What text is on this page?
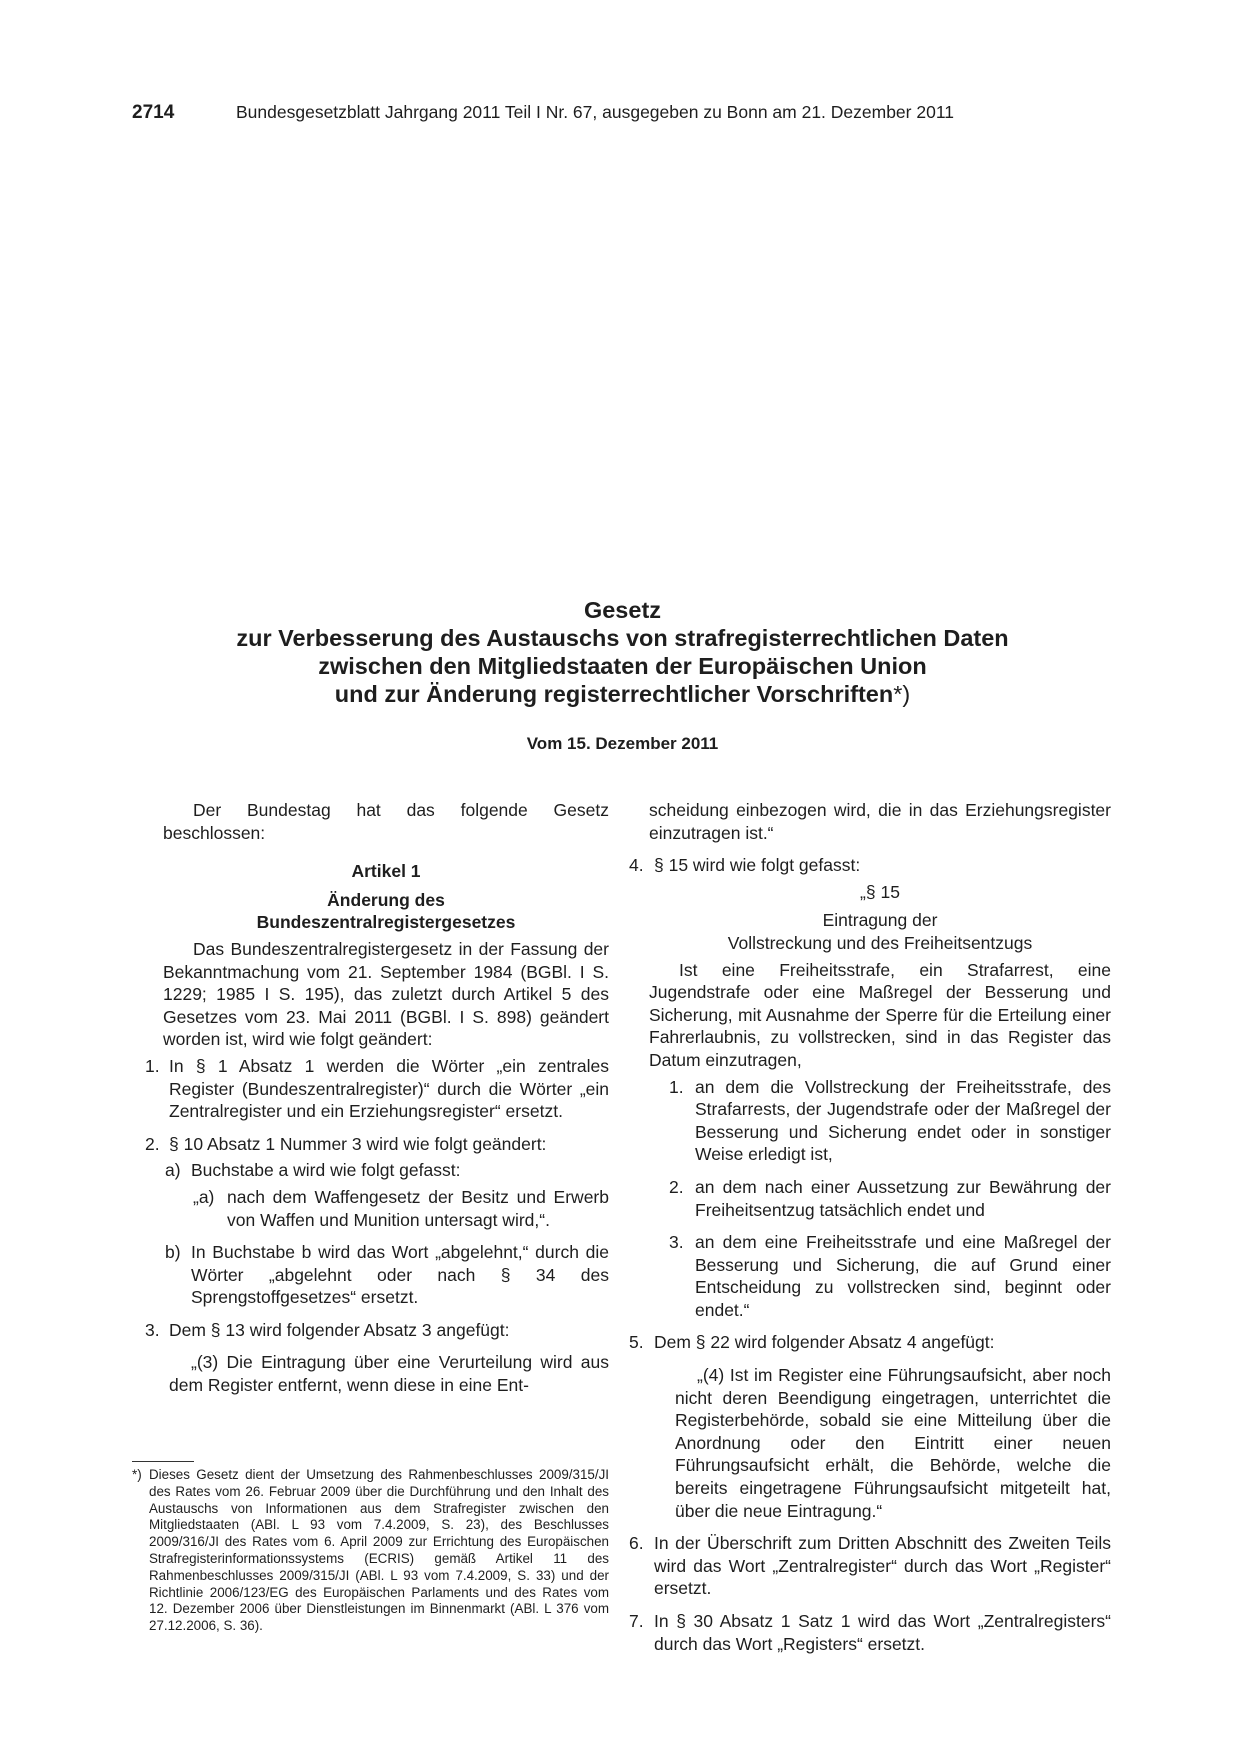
2714	Bundesgesetzblatt Jahrgang 2011 Teil I Nr. 67, ausgegeben zu Bonn am 21. Dezember 2011

Gesetz

zur Verbesserung des Austauschs von strafregisterrechtlichen Daten

zwischen den Mitgliedstaaten der Europäischen Union

und zur Änderung registerrechtlicher Vorschriften*)

Vom 15. Dezember 2011

Der Bundestag hat das folgende Gesetz beschlossen:

Artikel 1

Änderung des

Bundeszentralregistergesetzes

Das Bundeszentralregistergesetz in der Fassung der Bekanntmachung vom 21. September 1984 (BGBl. I S. 1229; 1985 I S. 195), das zuletzt durch Artikel 5 des Gesetzes vom 23. Mai 2011 (BGBl. I S. 898) geändert worden ist, wird wie folgt geändert:

1. In § 1 Absatz 1 werden die Wörter „ein zentrales Register (Bundeszentralregister)“ durch die Wörter „ein Zentralregister und ein Erziehungsregister“ ersetzt.
2. § 10 Absatz 1 Nummer 3 wird wie folgt geändert:
a) Buchstabe a wird wie folgt gefasst:
„a) nach dem Waffengesetz der Besitz und Erwerb von Waffen und Munition untersagt wird,“.
b) In Buchstabe b wird das Wort „abgelehnt,“ durch die Wörter „abgelehnt oder nach § 34 des Sprengstoffgesetzes“ ersetzt.
3. Dem § 13 wird folgender Absatz 3 angefügt:

„(3) Die Eintragung über eine Verurteilung wird aus dem Register entfernt, wenn diese in eine Ent-

scheidung einbezogen wird, die in das Erziehungsregister einzutragen ist.“

4. § 15 wird wie folgt gefasst:

„§ 15

Eintragung der

Vollstreckung und des Freiheitsentzugs

Ist eine Freiheitsstrafe, ein Strafarrest, eine Jugendstrafe oder eine Maßregel der Besserung und Sicherung, mit Ausnahme der Sperre für die Erteilung einer Fahrerlaubnis, zu vollstrecken, sind in das Register das Datum einzutragen,

1. an dem die Vollstreckung der Freiheitsstrafe, des Strafarrests, der Jugendstrafe oder der Maßregel der Besserung und Sicherung endet oder in sonstiger Weise erledigt ist,
2. an dem nach einer Aussetzung zur Bewährung der Freiheitsentzug tatsächlich endet und
3. an dem eine Freiheitsstrafe und eine Maßregel der Besserung und Sicherung, die auf Grund einer Entscheidung zu vollstrecken sind, beginnt oder endet.“
5. Dem § 22 wird folgender Absatz 4 angefügt:

„(4) Ist im Register eine Führungsaufsicht, aber noch nicht deren Beendigung eingetragen, unterrichtet die Registerbehörde, sobald sie eine Mitteilung über die Anordnung oder den Eintritt einer neuen Führungsaufsicht erhält, die Behörde, welche die bereits eingetragene Führungsaufsicht mitgeteilt hat, über die neue Eintragung.“

6. In der Überschrift zum Dritten Abschnitt des Zweiten Teils wird das Wort „Zentralregister“ durch das Wort „Register“ ersetzt.
7. In § 30 Absatz 1 Satz 1 wird das Wort „Zentralregisters“ durch das Wort „Registers“ ersetzt.
*) Dieses Gesetz dient der Umsetzung des Rahmenbeschlusses 2009/315/JI des Rates vom 26. Februar 2009 über die Durchführung und den Inhalt des Austauschs von Informationen aus dem Strafregister zwischen den Mitgliedstaaten (ABl. L 93 vom 7.4.2009, S. 23), des Beschlusses 2009/316/JI des Rates vom 6. April 2009 zur Errichtung des Europäischen Strafregisterinformationssystems (ECRIS) gemäß Artikel 11 des Rahmenbeschlusses 2009/315/JI (ABl. L 93 vom 7.4.2009, S. 33) und der Richtlinie 2006/123/EG des Europäischen Parlaments und des Rates vom 12. Dezember 2006 über Dienstleistungen im Binnenmarkt (ABl. L 376 vom 27.12.2006, S. 36).
